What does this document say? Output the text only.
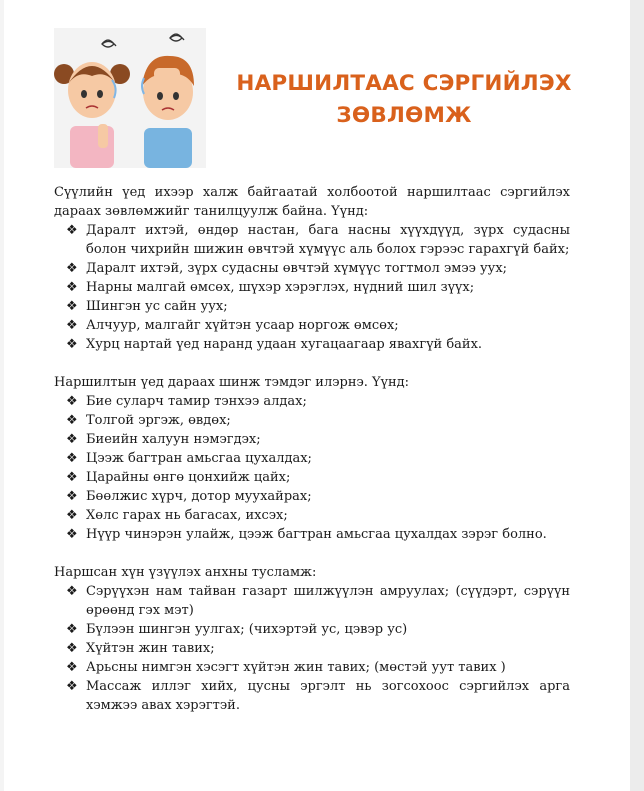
НАРШИЛТААС СЭРГИЙЛЭХ
ЗӨВЛӨМЖ

Сүүлийн үед ихээр халж байгаатай холбоотой наршилтаас сэргийлэх дараах зөвлөмжийг танилцуулж байна. Үүнд:

❖ Даралт ихтэй, өндөр настан, бага насны хүүхдүүд, зүрх судасны болон чихрийн шижин өвчтэй хүмүүс аль болох гэрээс гарахгүй байх;
❖ Даралт ихтэй, зүрх судасны өвчтэй хүмүүс тогтмол эмээ уух;
❖ Нарны малгай өмсөх, шүхэр хэрэглэх, нүдний шил зүүх;
❖ Шингэн ус сайн уух;
❖ Алчуур, малгайг хүйтэн усаар норгож өмсөх;
❖ Хурц нартай үед наранд удаан хугацаагаар явахгүй байх.

Наршилтын үед дараах шинж тэмдэг илэрнэ. Үүнд:

❖ Бие суларч тамир тэнхээ алдах;
❖ Толгой эргэж, өвдөх;
❖ Биеийн халуун нэмэгдэх;
❖ Цээж багтран амьсгаа цухалдах;
❖ Царайны өнгө цонхийж цайх;
❖ Бөөлжис хүрч, дотор муухайрах;
❖ Хөлс гарах нь багасах, ихсэх;
❖ Нүүр чинэрэн улайж, цээж багтран амьсгаа цухалдах зэрэг болно.

Наршсан хүн үзүүлэх анхны тусламж:

❖ Сэрүүхэн нам тайван газарт шилжүүлэн амруулах; (сүүдэрт, сэрүүн өрөөнд гэх мэт)
❖ Бүлээн шингэн уулгах; (чихэртэй ус, цэвэр ус)
❖ Хүйтэн жин тавих;
❖ Арьсны нимгэн хэсэгт хүйтэн жин тавих; (мөстэй уут тавих )
❖ Массаж иллэг хийх, цусны эргэлт нь зогсохоос сэргийлэх арга хэмжээ авах хэрэгтэй.
